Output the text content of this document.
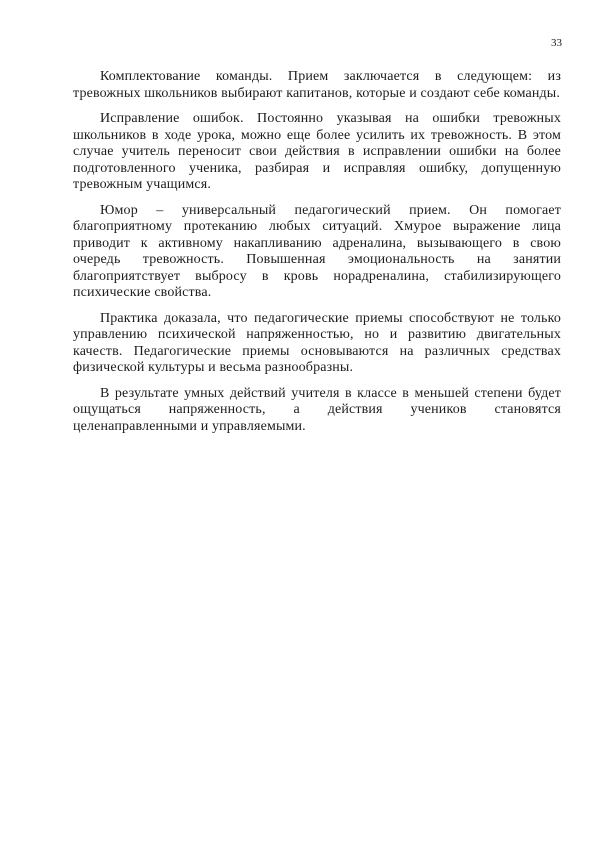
33

Комплектование команды. Прием заключается в следующем: из тревожных школьников выбирают капитанов, которые и создают себе команды.

Исправление ошибок. Постоянно указывая на ошибки тревожных школьников в ходе урока, можно еще более усилить их тревожность. В этом случае учитель переносит свои действия в исправлении ошибки на более подготовленного ученика, разбирая и исправляя ошибку, допущенную тревожным учащимся.

Юмор – универсальный педагогический прием. Он помогает благоприятному протеканию любых ситуаций. Хмурое выражение лица приводит к активному накапливанию адреналина, вызывающего в свою очередь тревожность. Повышенная эмоциональность на занятии благоприятствует выбросу в кровь норадреналина, стабилизирующего психические свойства.

Практика доказала, что педагогические приемы способствуют не только управлению психической напряженностью, но и развитию двигательных качеств. Педагогические приемы основываются на различных средствах физической культуры и весьма разнообразны.

В результате умных действий учителя в классе в меньшей степени будет ощущаться напряженность, а действия учеников становятся целенаправленными и управляемыми.
